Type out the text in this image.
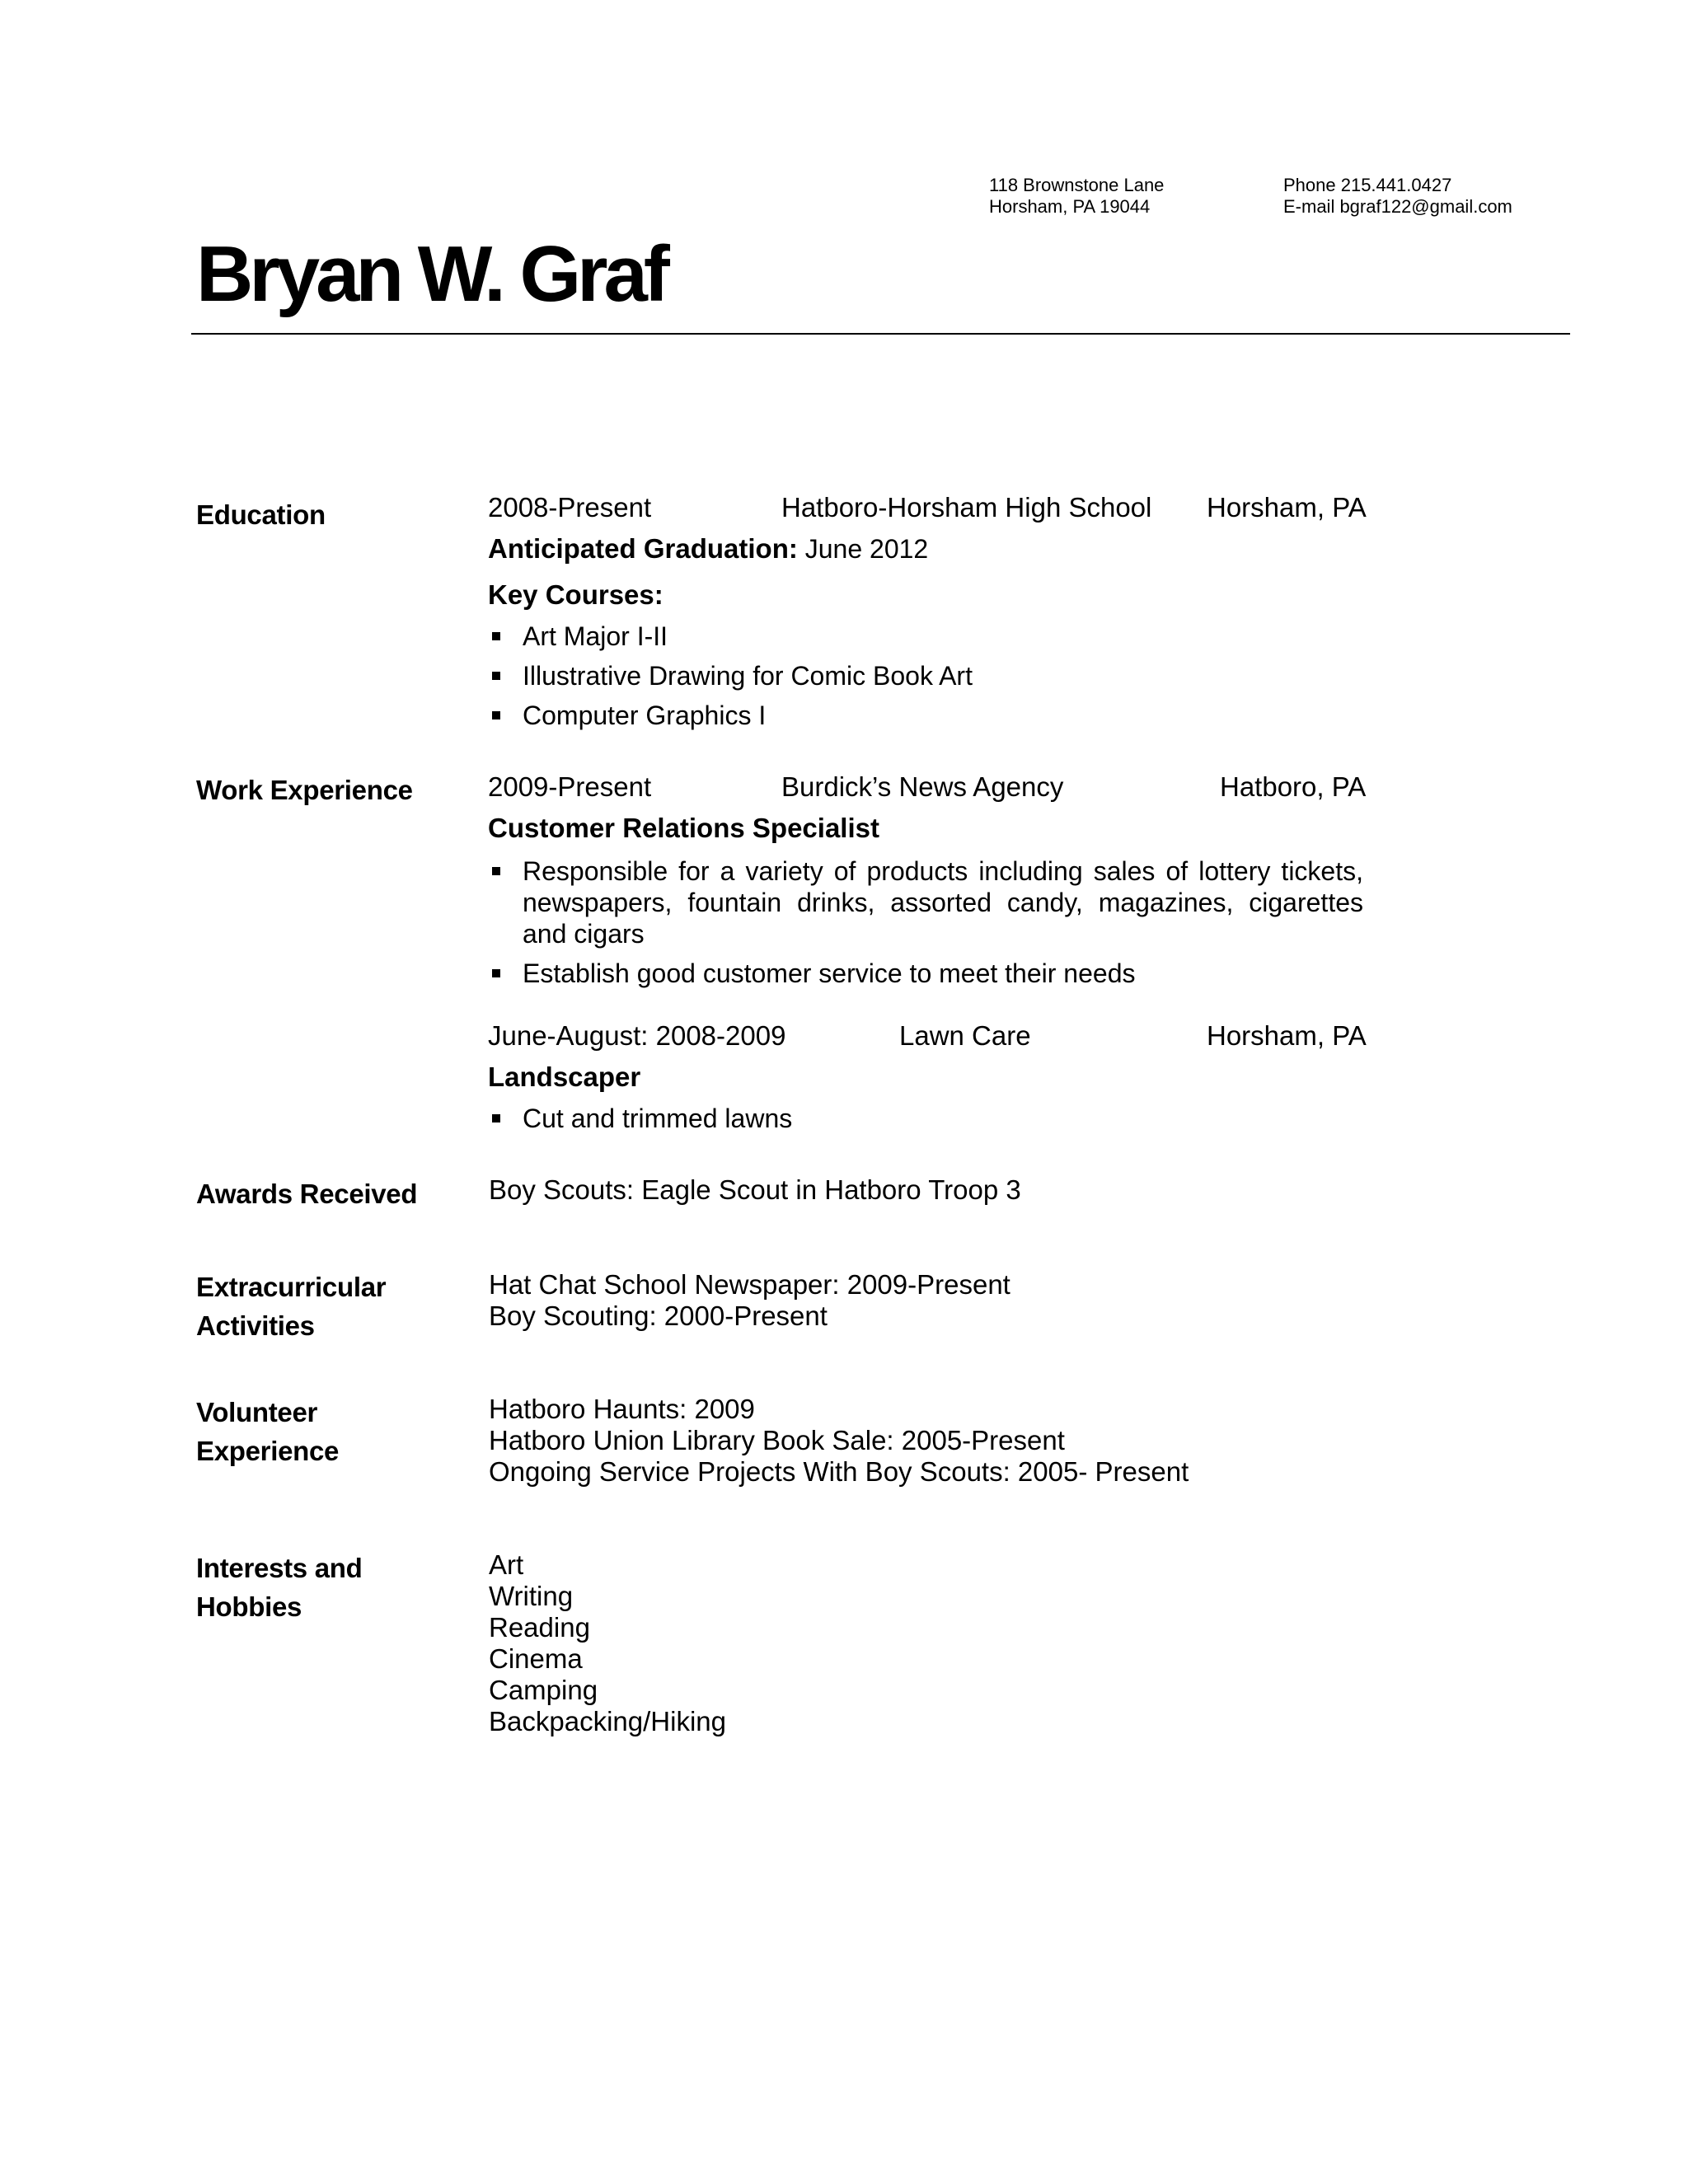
118 Brownstone Lane
Horsham, PA 19044
Phone 215.441.0427
E-mail bgraf122@gmail.com
Bryan W. Graf
Education	2008-Present	Hatboro-Horsham High School Horsham, PA
Anticipated Graduation: June 2012
Key Courses:
Art Major I-II
Illustrative Drawing for Comic Book Art
Computer Graphics I
Work Experience	2009-Present	Burdick’s News Agency	Hatboro, PA
Customer Relations Specialist
Responsible for a variety of products including sales of lottery tickets, newspapers, fountain drinks, assorted candy, magazines, cigarettes and cigars
Establish good customer service to meet their needs
June-August: 2008-2009	Lawn Care	Horsham, PA
Landscaper
Cut and trimmed lawns
Awards Received	Boy Scouts: Eagle Scout in Hatboro Troop 3
Extracurricular
Activities
Hat Chat School Newspaper: 2009-Present
Boy Scouting: 2000-Present
Volunteer
Experience
Hatboro Haunts: 2009
Hatboro Union Library Book Sale: 2005-Present
Ongoing Service Projects With Boy Scouts: 2005- Present
Interests and
Hobbies
Art
Writing
Reading
Cinema
Camping
Backpacking/Hiking
